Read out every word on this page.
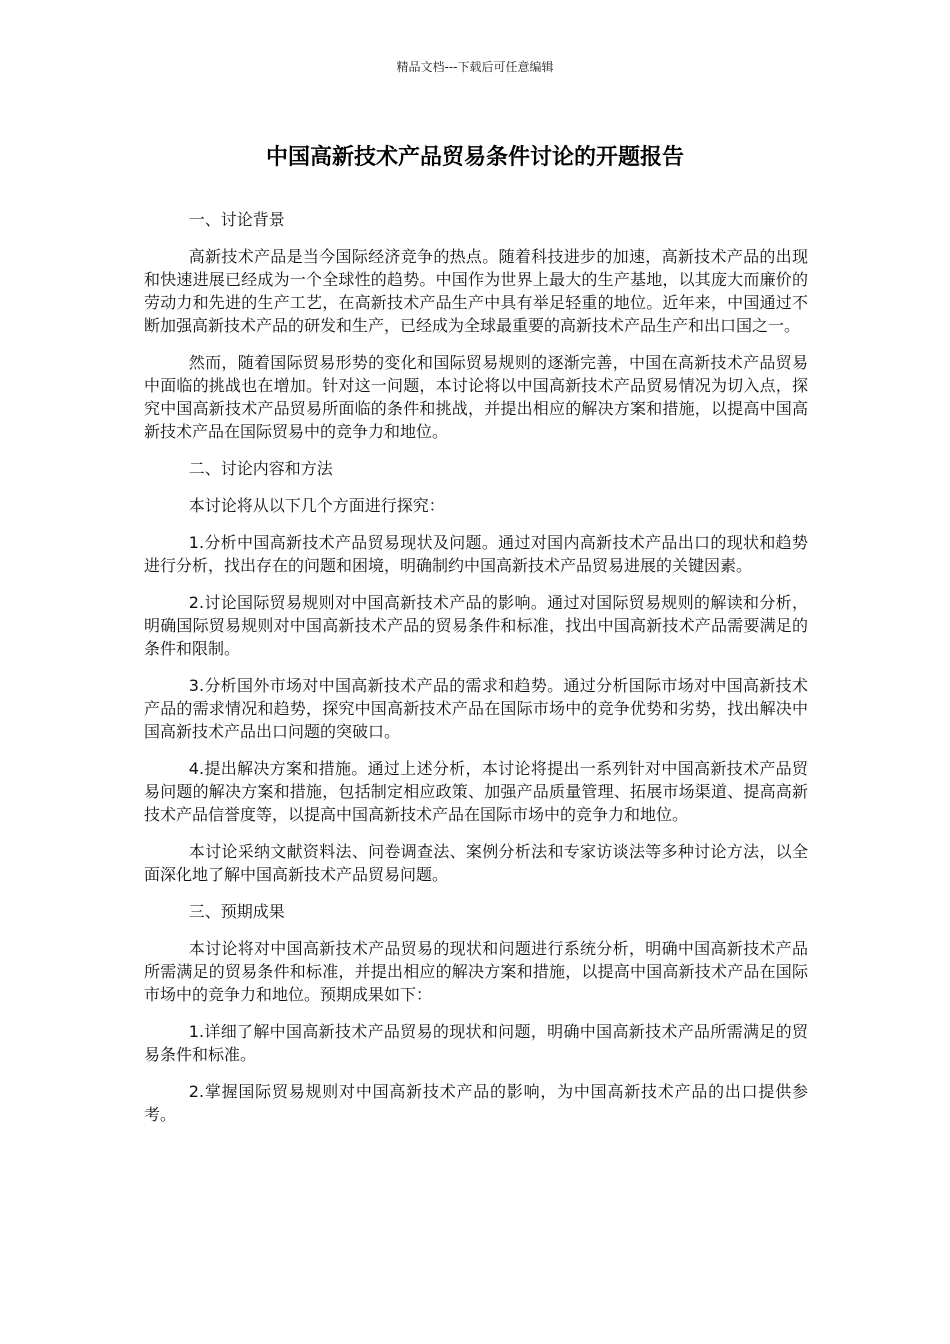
精品文档---下载后可任意编辑
中国高新技术产品贸易条件讨论的开题报告

一、讨论背景

高新技术产品是当今国际经济竞争的热点。随着科技进步的加速，高新技术产品的出现和快速进展已经成为一个全球性的趋势。中国作为世界上最大的生产基地，以其庞大而廉价的劳动力和先进的生产工艺，在高新技术产品生产中具有举足轻重的地位。近年来，中国通过不断加强高新技术产品的研发和生产，已经成为全球最重要的高新技术产品生产和出口国之一。

然而，随着国际贸易形势的变化和国际贸易规则的逐渐完善，中国在高新技术产品贸易中面临的挑战也在增加。针对这一问题，本讨论将以中国高新技术产品贸易情况为切入点，探究中国高新技术产品贸易所面临的条件和挑战，并提出相应的解决方案和措施，以提高中国高新技术产品在国际贸易中的竞争力和地位。

二、讨论内容和方法

本讨论将从以下几个方面进行探究：

1.分析中国高新技术产品贸易现状及问题。通过对国内高新技术产品出口的现状和趋势进行分析，找出存在的问题和困境，明确制约中国高新技术产品贸易进展的关键因素。

2.讨论国际贸易规则对中国高新技术产品的影响。通过对国际贸易规则的解读和分析，明确国际贸易规则对中国高新技术产品的贸易条件和标准，找出中国高新技术产品需要满足的条件和限制。

3.分析国外市场对中国高新技术产品的需求和趋势。通过分析国际市场对中国高新技术产品的需求情况和趋势，探究中国高新技术产品在国际市场中的竞争优势和劣势，找出解决中国高新技术产品出口问题的突破口。

4.提出解决方案和措施。通过上述分析，本讨论将提出一系列针对中国高新技术产品贸易问题的解决方案和措施，包括制定相应政策、加强产品质量管理、拓展市场渠道、提高高新技术产品信誉度等，以提高中国高新技术产品在国际市场中的竞争力和地位。

本讨论采纳文献资料法、问卷调查法、案例分析法和专家访谈法等多种讨论方法，以全面深化地了解中国高新技术产品贸易问题。

三、预期成果

本讨论将对中国高新技术产品贸易的现状和问题进行系统分析，明确中国高新技术产品所需满足的贸易条件和标准，并提出相应的解决方案和措施，以提高中国高新技术产品在国际市场中的竞争力和地位。预期成果如下：

1.详细了解中国高新技术产品贸易的现状和问题，明确中国高新技术产品所需满足的贸易条件和标准。

2.掌握国际贸易规则对中国高新技术产品的影响，为中国高新技术产品的出口提供参考。
